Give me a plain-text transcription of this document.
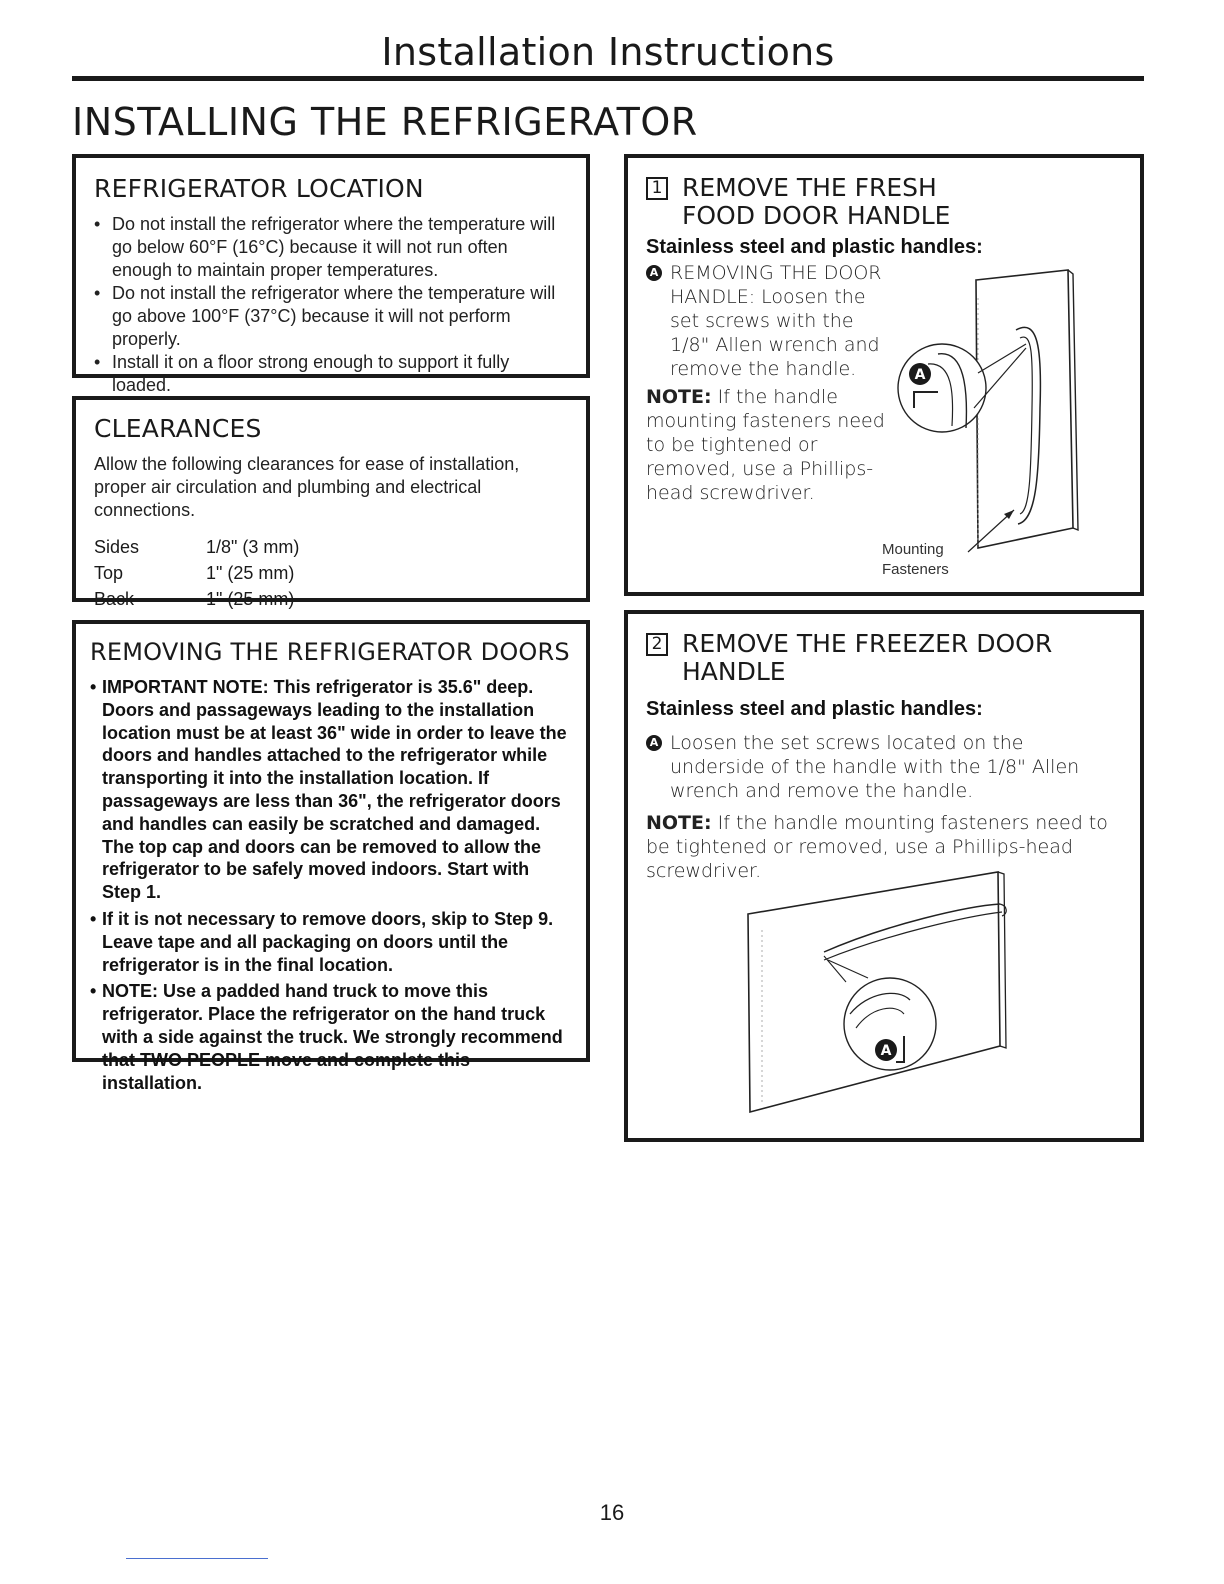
Installation Instructions
INSTALLING THE REFRIGERATOR
REFRIGERATOR LOCATION
• Do not install the refrigerator where the temperature will go below 60°F (16°C) because it will not run often enough to maintain proper temperatures.
• Do not install the refrigerator where the temperature will go above 100°F (37°C) because it will not perform properly.
• Install it on a floor strong enough to support it fully loaded.
CLEARANCES

Allow the following clearances for ease of installation, proper air circulation and plumbing and electrical connections.

Sides	1/8" (3 mm)
Top	1" (25 mm)
Back	1" (25 mm)
REMOVING THE REFRIGERATOR DOORS
• IMPORTANT NOTE: This refrigerator is 35.6" deep. Doors and passageways leading to the installation location must be at least 36" wide in order to leave the doors and handles attached to the refrigerator while transporting it into the installation location. If passageways are less than 36", the refrigerator doors and handles can easily be scratched and damaged. The top cap and doors can be removed to allow the refrigerator to be safely moved indoors. Start with Step 1.
• If it is not necessary to remove doors, skip to Step 9. Leave tape and all packaging on doors until the refrigerator is in the final location.
• NOTE: Use a padded hand truck to move this refrigerator. Place the refrigerator on the hand truck with a side against the truck. We strongly recommend that TWO PEOPLE move and complete this installation.
1 REMOVE THE FRESH FOOD DOOR HANDLE
Stainless steel and plastic handles:
A REMOVING THE DOOR HANDLE: Loosen the set screws with the 1/8" Allen wrench and remove the handle.
NOTE: If the handle mounting fasteners need to be tightened or removed, use a Phillips-head screwdriver.
A
Mounting
Fasteners
2 REMOVE THE FREEZER DOOR HANDLE
Stainless steel and plastic handles:
A Loosen the set screws located on the underside of the handle with the 1/8" Allen wrench and remove the handle.
NOTE: If the handle mounting fasteners need to be tightened or removed, use a Phillips-head screwdriver.
A
16
